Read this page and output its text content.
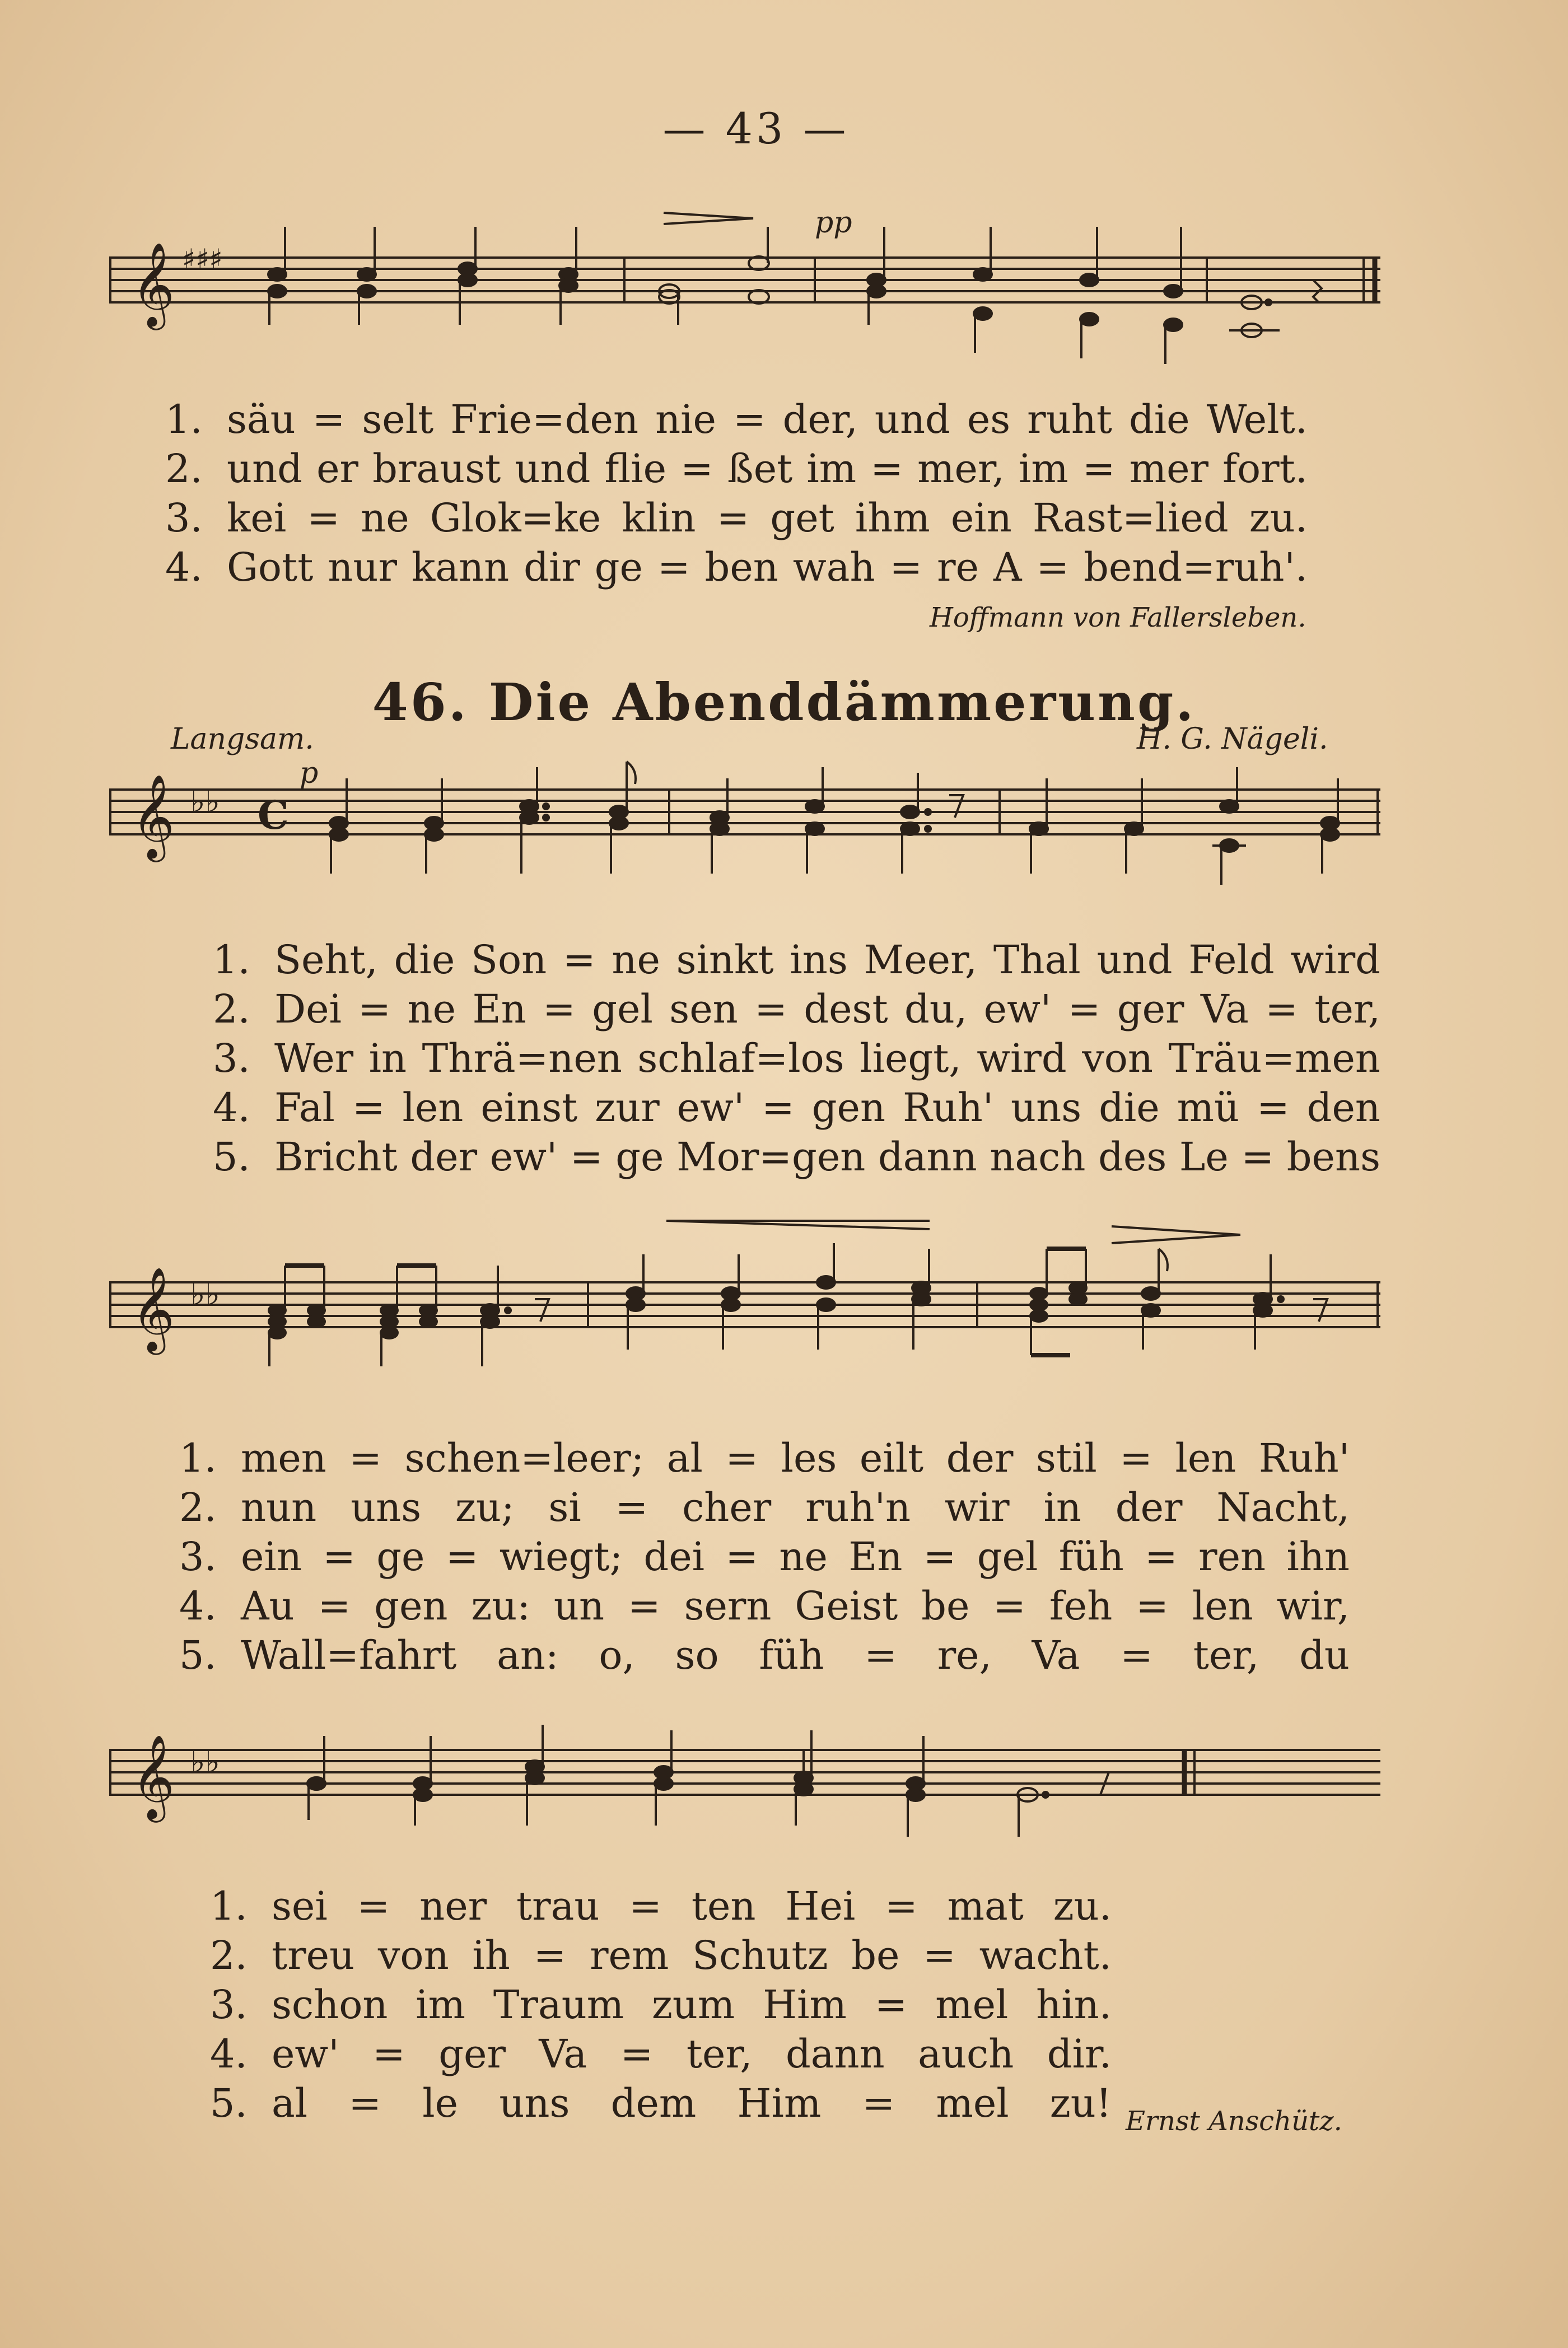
— 43 —
𝄞 ♯♯♯
pp
1. säu = selt Frie=den nie = der, und es ruht die Welt.
2. und er braust und flie = ßet im = mer, im = mer fort.
3. kei = ne Glok=ke klin = get ihm ein Rast=lied zu.
4. Gott nur kann dir ge = ben wah = re A = bend=ruh'.
Hoffmann von Fallersleben.
46. Die Abenddämmerung.
Langsam.	H. G. Nägeli.
𝄞 ♭♭ C
p
1. Seht, die Son = ne sinkt ins Meer, Thal und Feld wird
2. Dei = ne En = gel sen = dest du, ew' = ger Va = ter,
3. Wer in Thrä=nen schlaf=los liegt, wird von Träu=men
4. Fal = len einst zur ew' = gen Ruh' uns die mü = den
5. Bricht der ew' = ge Mor=gen dann nach des Le = bens
𝄞 ♭♭
1. men = schen=leer; al = les eilt der stil = len Ruh'
2. nun uns zu; si = cher ruh'n wir in der Nacht,
3. ein = ge = wiegt; dei = ne En = gel füh = ren ihn
4. Au = gen zu: un = sern Geist be = feh = len wir,
5. Wall=fahrt an: o, so füh = re, Va = ter, du
𝄞 ♭♭
1. sei = ner trau = ten Hei = mat zu.
2. treu von ih = rem Schutz be = wacht.
3. schon im Traum zum Him = mel hin.
4. ew' = ger Va = ter, dann auch dir.
5. al = le uns dem Him = mel zu! Ernst Anschütz.
